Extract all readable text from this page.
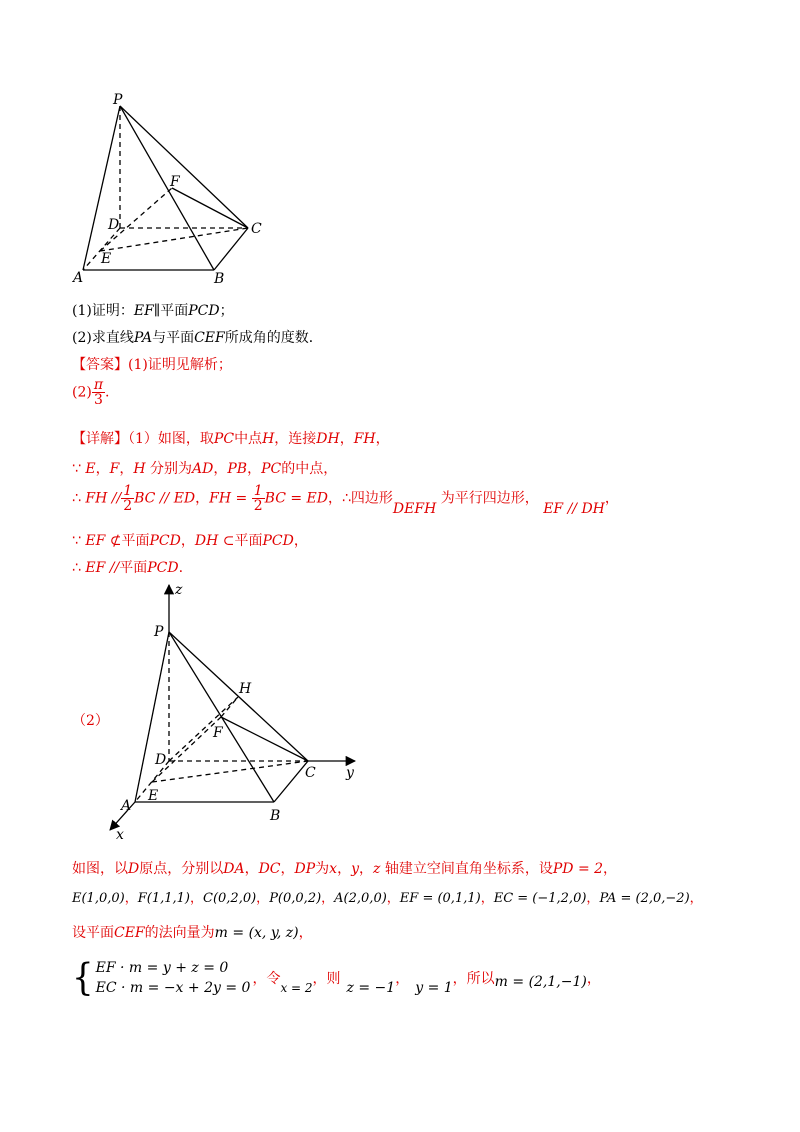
P
F
D	C
E
A	B
(1)证明：EF∥平面PCD；
(2)求直线PA与平面CEF所成角的度数．
【答案】(1)证明见解析；
$(2) \frac{\pi}{3}$ .
【详解】（1）如图，取PC中点H，连接DH，FH，
∵ E，F，H 分别为AD，PB，PC的中点，
∴ FH // $\frac{1}{2}$ BC // ED，FH = $\frac{1}{2}$ BC = ED，∴四边形DEFH 为平行四边形， EF // DH，
∵ EF ⊄平面PCD，DH ⊂平面PCD，
∴ EF //平面PCD.
（2）
z
P
H
F
D
C y
A
E
B
x
如图，以D原点，分别以DA，DC，DP为x，y，z 轴建立空间直角坐标系，设PD = 2，
E(1,0,0)，F(1,1,1)，C(0,2,0)，P(0,0,2)，A(2,0,0)，EF = (0,1,1)，EC = (−1,2,0)，PA = (2,0,−2)，
设平面CEF的法向量为m = (x, y, z)，
{ EF · m = y + z = 0
EC · m = −x + 2y = 0
，令
x = 2
，则
z = −1
，
y = 1
，所以 m = (2,1,−1) ，
